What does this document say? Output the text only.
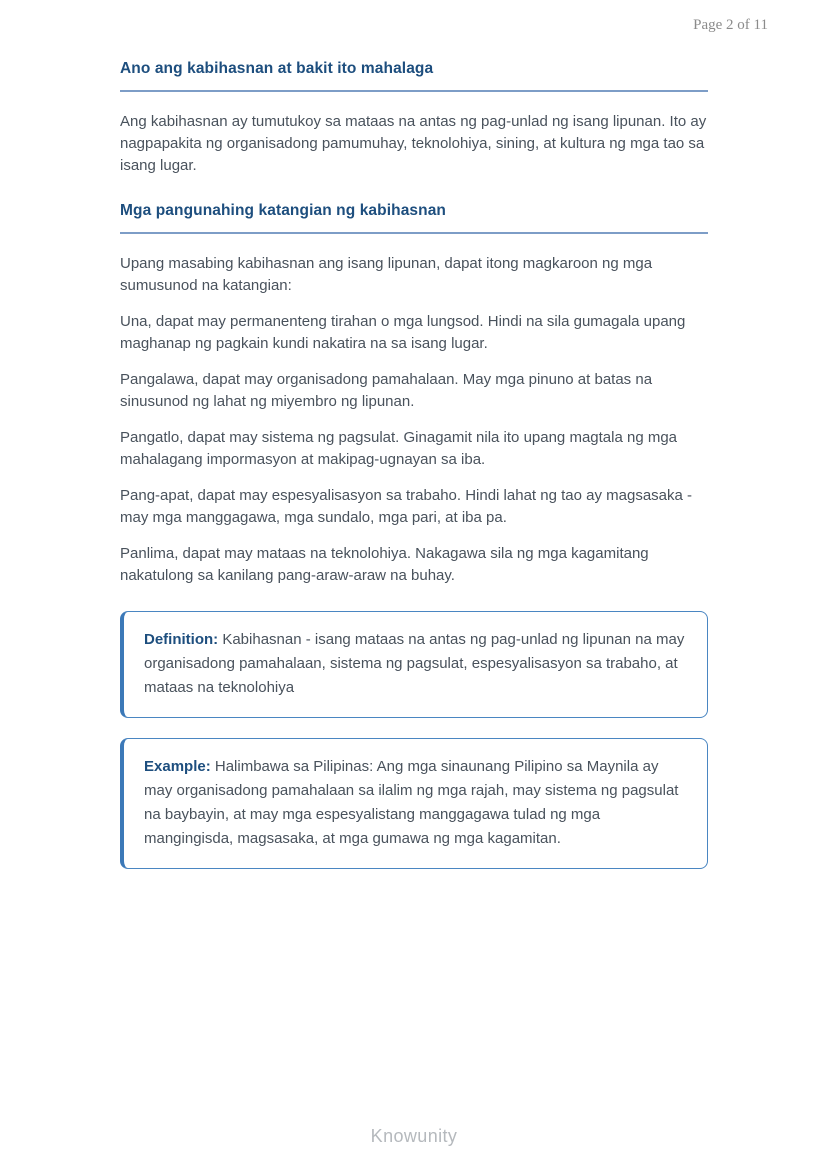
Page 2 of 11
Ano ang kabihasnan at bakit ito mahalaga

Ang kabihasnan ay tumutukoy sa mataas na antas ng pag-unlad ng isang lipunan. Ito ay nagpapakita ng organisadong pamumuhay, teknolohiya, sining, at kultura ng mga tao sa isang lugar.

Mga pangunahing katangian ng kabihasnan

Upang masabing kabihasnan ang isang lipunan, dapat itong magkaroon ng mga sumusunod na katangian:

Una, dapat may permanenteng tirahan o mga lungsod. Hindi na sila gumagala upang maghanap ng pagkain kundi nakatira na sa isang lugar.

Pangalawa, dapat may organisadong pamahalaan. May mga pinuno at batas na sinusunod ng lahat ng miyembro ng lipunan.

Pangatlo, dapat may sistema ng pagsulat. Ginagamit nila ito upang magtala ng mga mahalagang impormasyon at makipag-ugnayan sa iba.

Pang-apat, dapat may espesyalisasyon sa trabaho. Hindi lahat ng tao ay magsasaka - may mga manggagawa, mga sundalo, mga pari, at iba pa.

Panlima, dapat may mataas na teknolohiya. Nakagawa sila ng mga kagamitang nakatulong sa kanilang pang-araw-araw na buhay.

Definition: Kabihasnan - isang mataas na antas ng pag-unlad ng lipunan na may organisadong pamahalaan, sistema ng pagsulat, espesyalisasyon sa trabaho, at mataas na teknolohiya
Example: Halimbawa sa Pilipinas: Ang mga sinaunang Pilipino sa Maynila ay may organisadong pamahalaan sa ilalim ng mga rajah, may sistema ng pagsulat na baybayin, at may mga espesyalistang manggagawa tulad ng mga mangingisda, magsasaka, at mga gumawa ng mga kagamitan.
Knowunity
